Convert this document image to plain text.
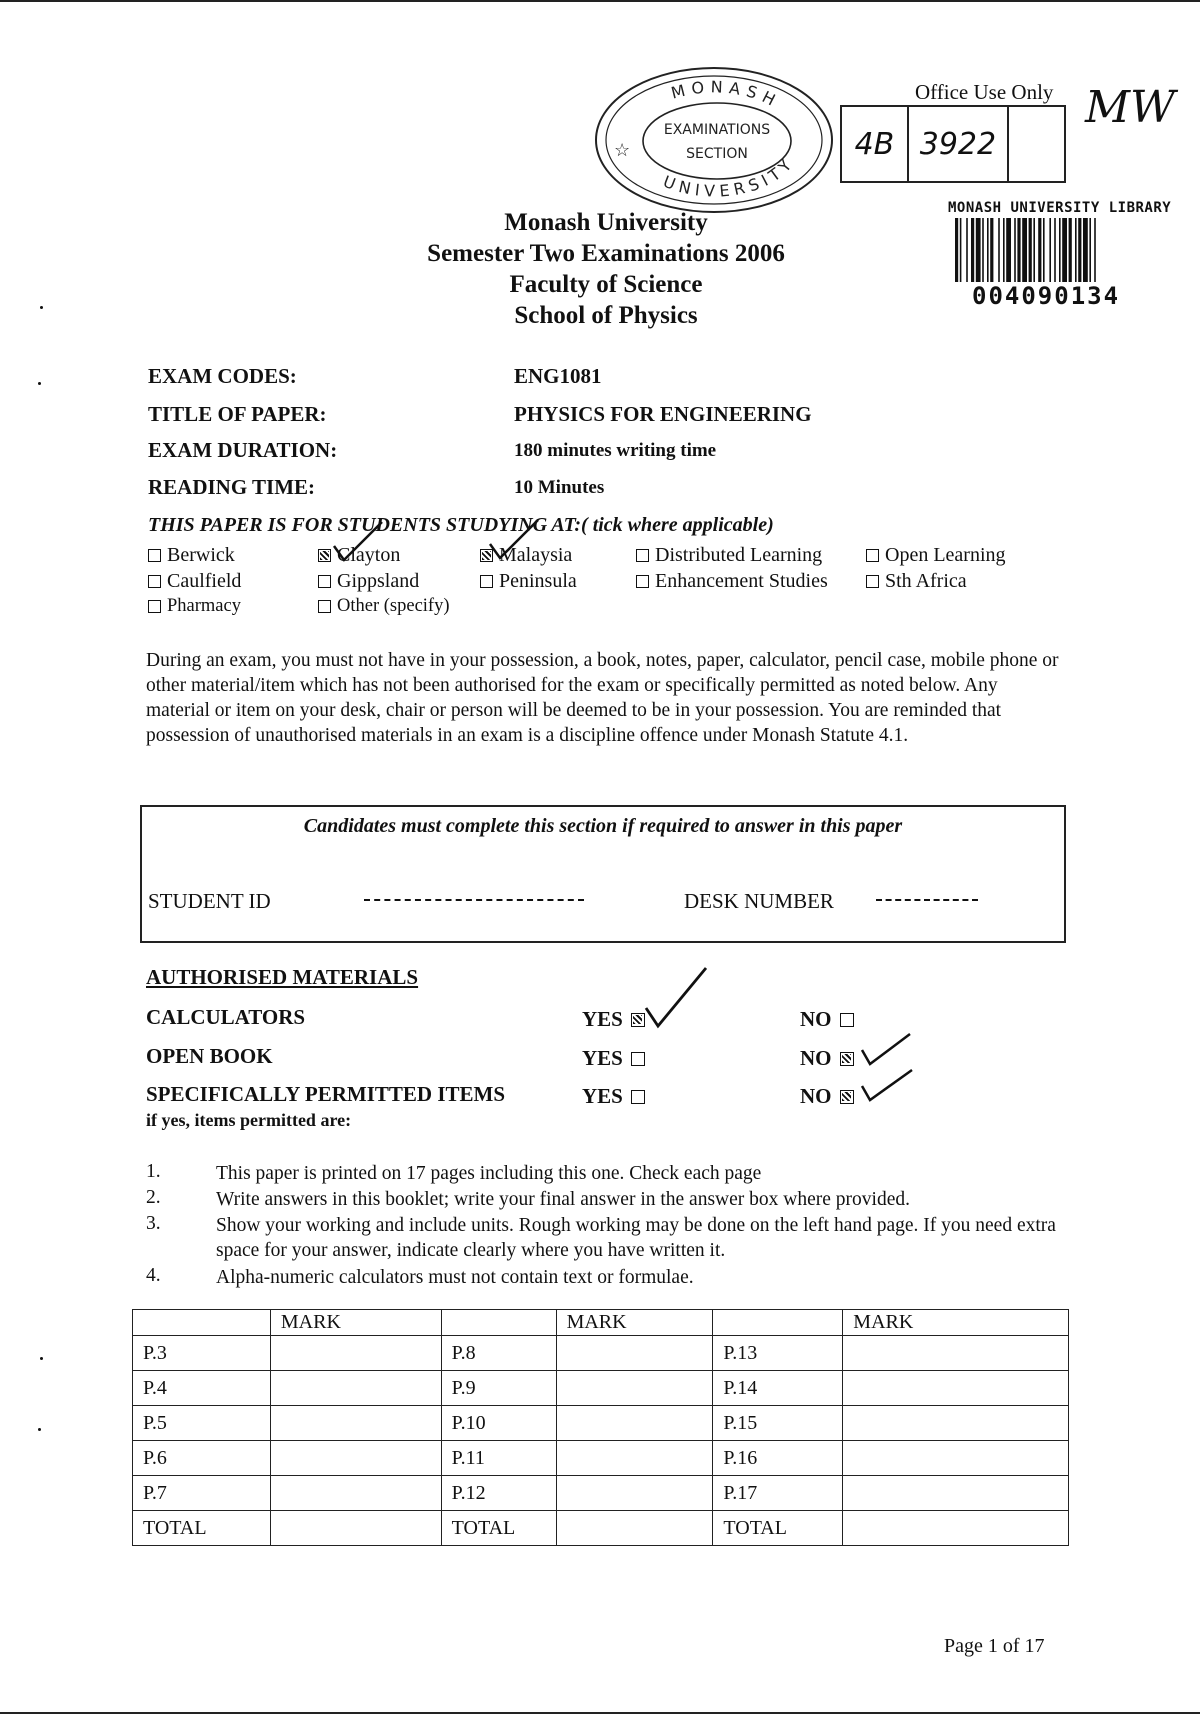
MONASH
UNIVERSITY
EXAMINATIONS
SECTION
☆
Office Use Only
4B 3922
MW
MONASH UNIVERSITY LIBRARY
004090134
Monash University
Semester Two Examinations 2006
Faculty of Science
School of Physics
EXAM CODES:	ENG1081
TITLE OF PAPER:	PHYSICS FOR ENGINEERING
EXAM DURATION:	180 minutes writing time
READING TIME:	10 Minutes
THIS PAPER IS FOR STUDENTS STUDYING AT:( tick where applicable)
Berwick	Clayton	Malaysia	Distributed Learning	Open Learning
Caulfield	Gippsland	Peninsula	Enhancement Studies	Sth Africa
Pharmacy	Other (specify)
During an exam, you must not have in your possession, a book, notes, paper, calculator, pencil case, mobile phone or other material/item which has not been authorised for the exam or specifically permitted as noted below. Any material or item on your desk, chair or person will be deemed to be in your possession. You are reminded that possession of unauthorised materials in an exam is a discipline offence under Monash Statute 4.1.
Candidates must complete this section if required to answer in this paper
STUDENT ID	DESK NUMBER
AUTHORISED MATERIALS
CALCULATORS	YES	NO
OPEN BOOK	YES	NO
SPECIFICALLY PERMITTED ITEMS	YES	NO
if yes, items permitted are:
1.	This paper is printed on 17 pages including this one. Check each page
2.	Write answers in this booklet; write your final answer in the answer box where provided.
3.	Show your working and include units. Rough working may be done on the left hand page. If you need extra space for your answer, indicate clearly where you have written it.
4.	Alpha-numeric calculators must not contain text or formulae.
	MARK		MARK		MARK
P.3		P.8		P.13	
P.4		P.9		P.14	
P.5		P.10		P.15	
P.6		P.11		P.16	
P.7		P.12		P.17	
TOTAL		TOTAL		TOTAL	
Page 1 of 17
